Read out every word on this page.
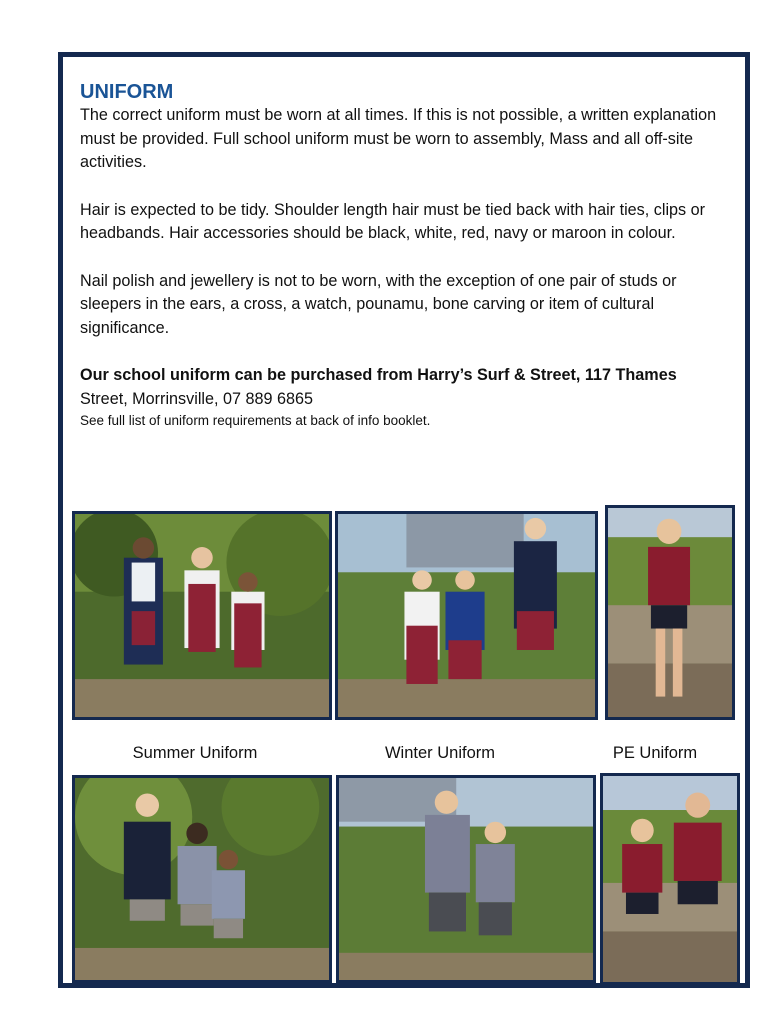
UNIFORM

The correct uniform must be worn at all times. If this is not possible, a written explanation must be provided. Full school uniform must be worn to assembly, Mass and all off-site activities.

Hair is expected to be tidy. Shoulder length hair must be tied back with hair ties, clips or headbands. Hair accessories should be black, white, red, navy or maroon in colour.

Nail polish and jewellery is not to be worn, with the exception of one pair of studs or sleepers in the ears, a cross, a watch, pounamu, bone carving or item of cultural significance.

Our school uniform can be purchased from Harry’s Surf & Street, 117 Thames
Street, Morrinsville, 07 889 6865

See full list of uniform requirements at back of info booklet.

Summer Uniform	Winter Uniform	PE Uniform
